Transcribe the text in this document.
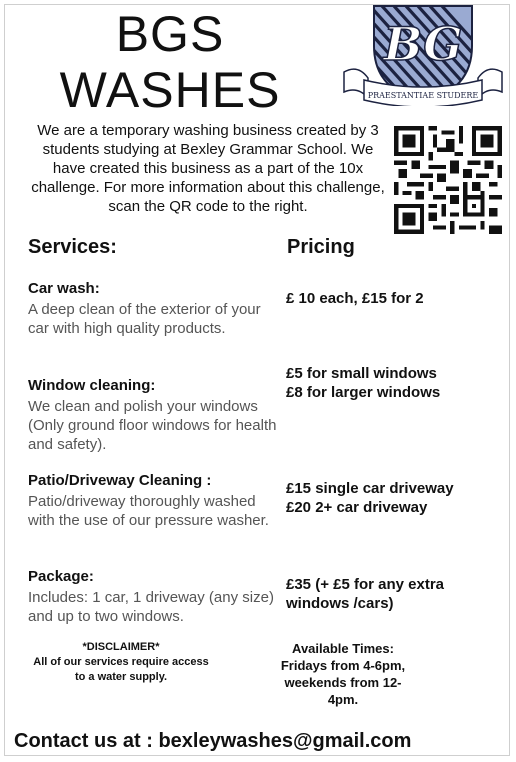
BGS
WASHES
BG
PRAESTANTIAE STUDERE
We are a temporary washing business created by 3 students studying at Bexley Grammar School. We have created this business as a part of the 10x challenge. For more information about this challenge, scan the QR code to the right.
Services:	Pricing
Car wash:
A deep clean of the exterior of your car with high quality products.
£ 10 each, £15 for 2
Window cleaning:
We clean and polish your windows (Only ground floor windows for health and safety).
£5 for small windows
£8 for larger windows
Patio/Driveway Cleaning :
Patio/driveway thoroughly washed with the use of our pressure washer.
£15 single car driveway
£20 2+ car driveway
Package:
Includes: 1 car, 1 driveway (any size) and up to two windows.
£35 (+ £5 for any extra windows /cars)
*DISCLAIMER*
All of our services require access to a water supply.
Available Times: Fridays from 4-6pm, weekends from 12-4pm.
Contact us at : bexleywashes@gmail.com
